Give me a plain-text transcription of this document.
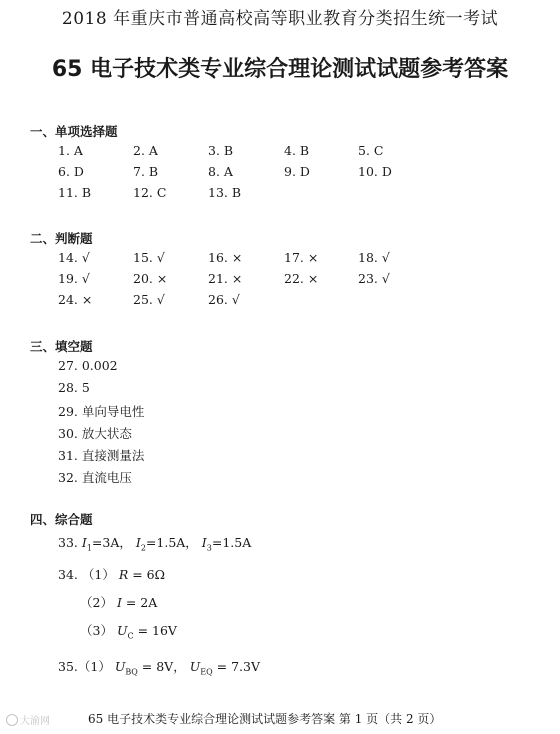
2018 年重庆市普通高校高等职业教育分类招生统一考试
65 电子技术类专业综合理论测试试题参考答案
一、单项选择题
1. A	2. A	3. B	4. B	5. C
6. D	7. B	8. A	9. D	10. D
11. B	12. C	13. B
二、判断题
14. √	15. √	16. ×	17. ×	18. √
19. √	20. ×	21. ×	22. ×	23. √
24. ×	25. √	26. √
三、填空题
27. 0.002
28. 5
29. 单向导电性
30. 放大状态
31. 直接测量法
32. 直流电压
四、综合题
33. $I_1=3A$， $I_2=1.5A$， $I_3=1.5A$
34. （1） R = 6Ω
（2） I = 2A
（3） $U_C = 16V$
35.（1） $U_{BQ} = 8V$， $U_{EQ} = 7.3V$
大渝网	65 电子技术类专业综合理论测试试题参考答案 第 1 页（共 2 页）
